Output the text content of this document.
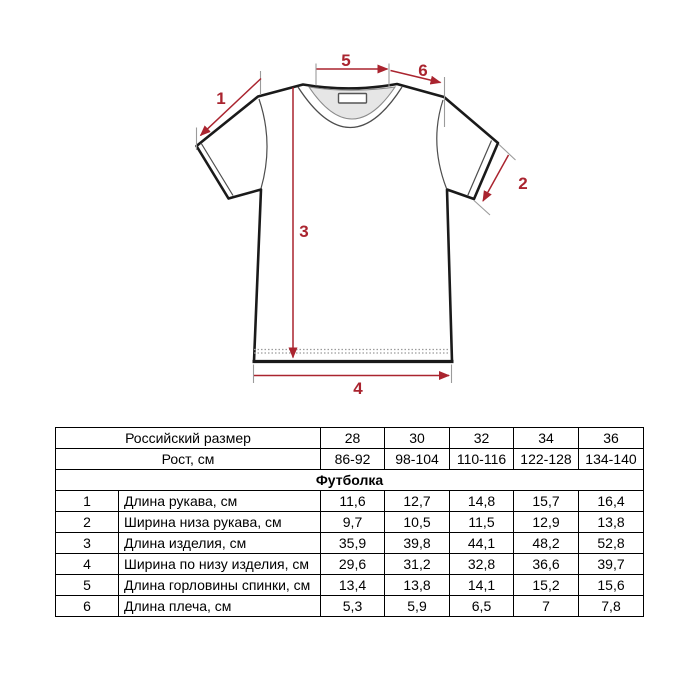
1
2
3
4
5
6
Российский размер		28	30	32	34	36
Рост, см		86-92	98-104	110-116	122-128	134-140
Футболка						
1	Длина рукава, см	11,6	12,7	14,8	15,7	16,4
2	Ширина низа рукава, см	9,7	10,5	11,5	12,9	13,8
3	Длина изделия, см	35,9	39,8	44,1	48,2	52,8
4	Ширина по низу изделия, см	29,6	31,2	32,8	36,6	39,7
5	Длина горловины спинки, см	13,4	13,8	14,1	15,2	15,6
6	Длина плеча, см	5,3	5,9	6,5	7	7,8
